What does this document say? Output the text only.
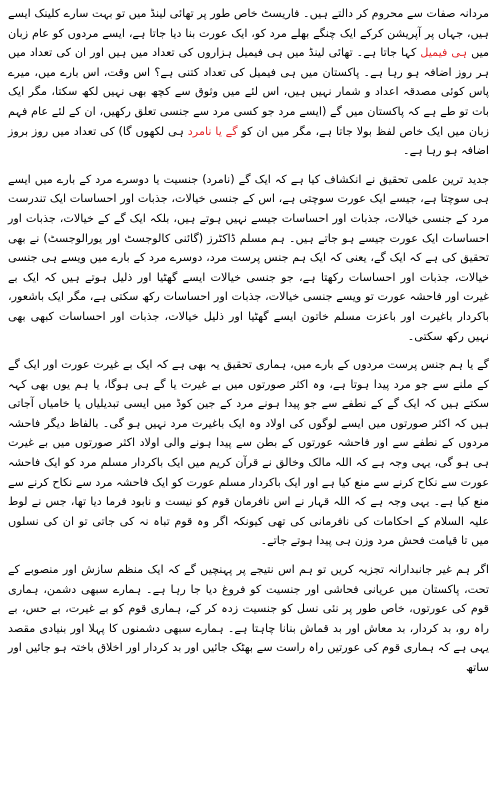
مردانہ صفات سے محروم کر دالتے ہیں۔ فاریسٹ خاص طور پر تھائی لینڈ میں تو بہت سارے کلینک ایسے ہیں، جہاں پر آپریشن کرکے ایک چنگے بھلے مرد کو، ایک عورت بنا دیا جاتا ہے، ایسے مردوں کو عام زبان میں ہی فیمیل کہا جاتا ہے۔ تھائی لینڈ میں ہی فیمیل ہزاروں کی تعداد میں ہیں اور ان کی تعداد میں ہر روز اضافہ ہو رہا ہے۔ پاکستان میں ہی فیمیل کی تعداد کتنی ہے؟ اس وقت، اس بارے میں، میرے پاس کوئی مصدقہ اعداد و شمار نہیں ہیں، اس لئے میں وثوق سے کچھ بھی نہیں لکھ سکتا، مگر ایک بات تو طے ہے کہ پاکستان میں گے (ایسے مرد جو کسی مرد سے جنسی تعلق رکھیں، ان کے لئے عام فہم زبان میں ایک خاص لفظ بولا جاتا ہے، مگر میں ان کو گے یا نامرد ہی لکھوں گا) کی تعداد میں روز بروز اضافہ ہو رہا ہے۔

جدید ترین علمی تحقیق نے انکشاف کیا ہے کہ ایک گے (نامرد) جنسیت یا دوسرے مرد کے بارے میں ایسے ہی سوچتا ہے، جیسے ایک عورت سوچتی ہے، اس کے جنسی خیالات، جذبات اور احساسات ایک تندرست مرد کے جنسی خیالات، جذبات اور احساسات جیسے نہیں ہوتے ہیں، بلکہ ایک گے کے خیالات، جذبات اور احساسات ایک عورت جیسے ہو جاتے ہیں۔ ہم مسلم ڈاکٹرز (گائنی کالوجسٹ اور یورالوجسٹ) نے بھی تحقیق کی ہے کہ ایک گے، یعنی کہ ایک ہم جنس پرست مرد، دوسرے مرد کے بارے میں ویسے ہی جنسی خیالات، جذبات اور احساسات رکھتا ہے، جو جنسی خیالات ایسے گھٹیا اور ذلیل ہوتے ہیں کہ ایک بے غیرت اور فاحشہ عورت تو ویسے جنسی خیالات، جذبات اور احساسات رکھ سکتی ہے، مگر ایک باشعور، باکردار باغیرت اور باعزت مسلم خاتون ایسے گھٹیا اور ذلیل خیالات، جذبات اور احساسات کبھی بھی نہیں رکھ سکتی۔

گے یا ہم جنس پرست مردوں کے بارے میں، ہماری تحقیق یہ بھی ہے کہ ایک بے غیرت عورت اور ایک گے کے ملنے سے جو مرد پیدا ہوتا ہے، وہ اکثر صورتوں میں بے غیرت یا گے ہی ہوگا، یا ہم یوں بھی کہہ سکتے ہیں کہ ایک گے کے نطفے سے جو پیدا ہونے مرد کے جین کوڈ میں ایسی تبدیلیاں یا خامیاں آجاتی ہیں کہ اکثر صورتوں میں ایسے لوگوں کی اولاد وہ ایک باغیرت مرد نہیں ہو گی۔ بالفاظ دیگر فاحشہ مردوں کے نطفے سے اور فاحشہ عورتوں کے بطن سے پیدا ہونے والی اولاد اکثر صورتوں میں بے غیرت ہی ہو گی، یہی وجہ ہے کہ اللہ مالک وخالق نے قرآن کریم میں ایک باکردار مسلم مرد کو ایک فاحشہ عورت سے نکاح کرنے سے منع کیا ہے اور ایک باکردار مسلم عورت کو ایک فاحشہ مرد سے نکاح کرنے سے منع کیا ہے۔ یہی وجہ ہے کہ اللہ قہار نے اس نافرمان قوم کو نیست و نابود فرما دیا تھا، جس نے لوط علیہ السلام کے احکامات کی نافرمانی کی تھی کیونکہ اگر وہ قوم تباہ نہ کی جاتی تو ان کی نسلوں میں تا قیامت فحش مرد وزن ہی پیدا ہوتے جاتے۔

اگر ہم غیر جانبدارانہ تجزیہ کریں تو ہم اس نتیجے پر پہنچیں گے کہ ایک منظم سازش اور منصوبے کے تحت، پاکستان میں عریانی فحاشی اور جنسیت کو فروغ دیا جا رہا ہے۔ ہمارے سبھی دشمن، ہماری قوم کی عورتوں، خاص طور پر نئی نسل کو جنسیت زدہ کر کے، ہماری قوم کو بے غیرت، بے حس، بے راہ رو، بد کردار، بد معاش اور بد قماش بنانا چاہتا ہے۔ ہمارے سبھی دشمنوں کا پہلا اور بنیادی مقصد یہی ہے کہ ہماری قوم کی عورتیں راہ راست سے بھٹک جائیں اور بد کردار اور اخلاق باختہ ہو جائیں اور ساتھ
